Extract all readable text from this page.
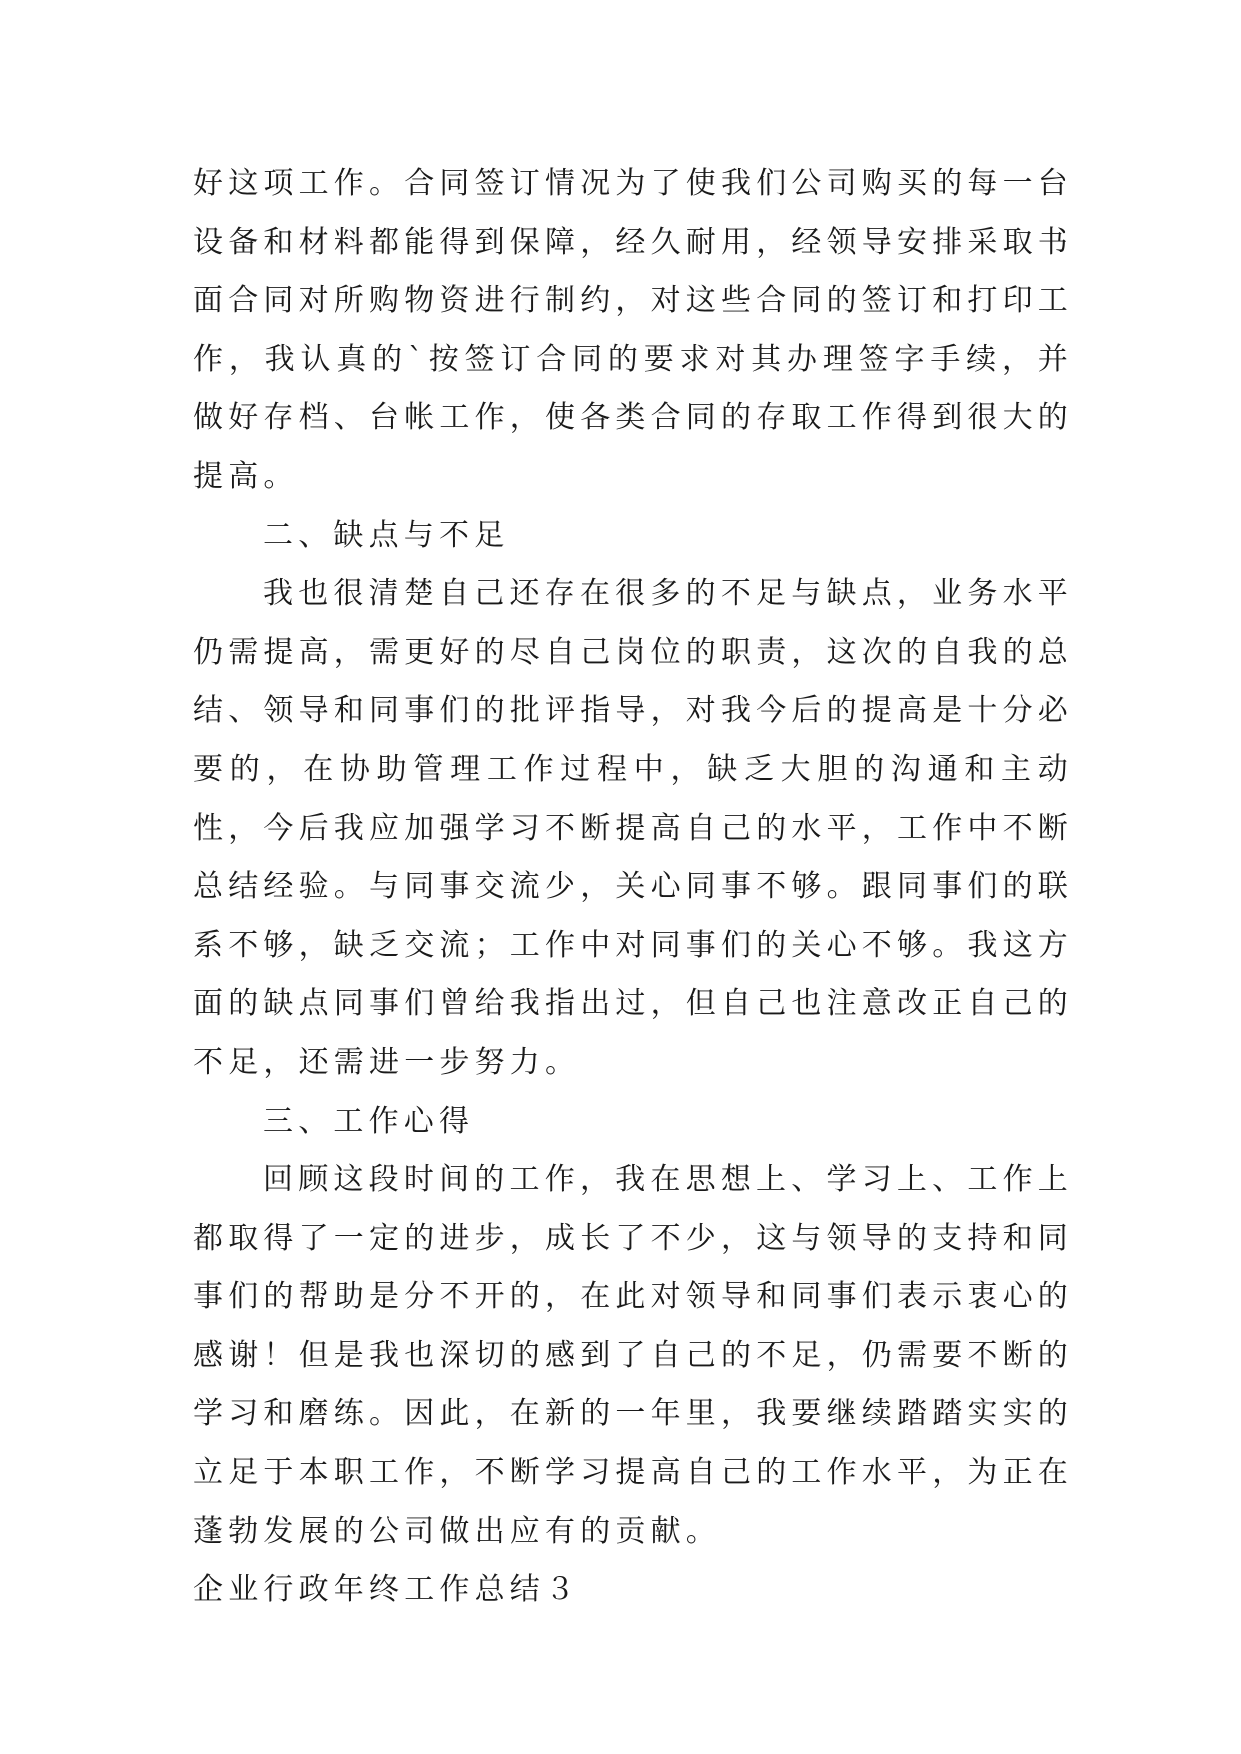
好这项工作。合同签订情况为了使我们公司购买的每一台设备和材料都能得到保障，经久耐用，经领导安排采取书面合同对所购物资进行制约，对这些合同的签订和打印工作，我认真的`按签订合同的要求对其办理签字手续，并做好存档、台帐工作，使各类合同的存取工作得到很大的提高。

二、缺点与不足

我也很清楚自己还存在很多的不足与缺点，业务水平仍需提高，需更好的尽自己岗位的职责，这次的自我的总结、领导和同事们的批评指导，对我今后的提高是十分必要的，在协助管理工作过程中，缺乏大胆的沟通和主动性，今后我应加强学习不断提高自己的水平，工作中不断总结经验。与同事交流少，关心同事不够。跟同事们的联系不够，缺乏交流；工作中对同事们的关心不够。我这方面的缺点同事们曾给我指出过，但自己也注意改正自己的不足，还需进一步努力。

三、工作心得

回顾这段时间的工作，我在思想上、学习上、工作上都取得了一定的进步，成长了不少，这与领导的支持和同事们的帮助是分不开的，在此对领导和同事们表示衷心的感谢！但是我也深切的感到了自己的不足，仍需要不断的学习和磨练。因此，在新的一年里，我要继续踏踏实实的立足于本职工作，不断学习提高自己的工作水平，为正在蓬勃发展的公司做出应有的贡献。

企业行政年终工作总结３
